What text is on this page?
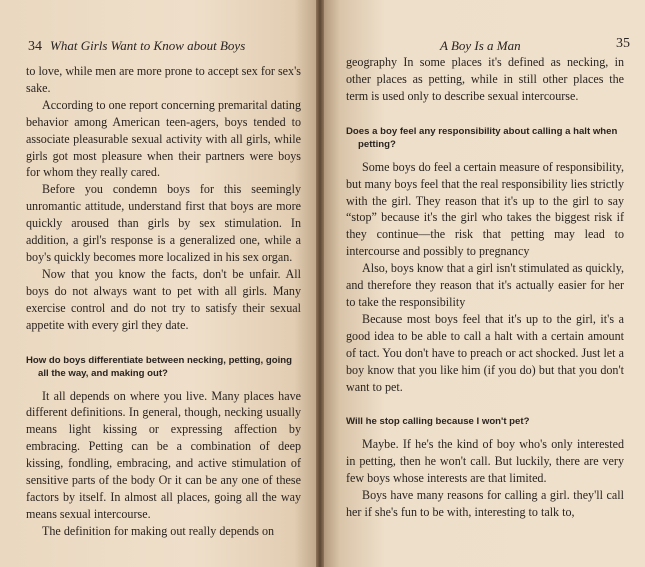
34 What Girls Want to Know about Boys

to love, while men are more prone to accept sex for sex's sake.

According to one report concerning premarital dating behavior among American teen-agers, boys tended to associate pleasurable sexual activity with all girls, while girls got most pleasure when their partners were boys for whom they really cared.

Before you condemn boys for this seemingly unromantic attitude, understand first that boys are more quickly aroused than girls by sex stimulation. In addition, a girl's response is a generalized one, while a boy's quickly becomes more localized in his sex organ.

Now that you know the facts, don't be unfair. All boys do not always want to pet with all girls. Many exercise control and do not try to satisfy their sexual appetite with every girl they date.

How do boys differentiate between necking, petting, going all the way, and making out?

It all depends on where you live. Many places have different definitions. In general, though, necking usually means light kissing or expressing affection by embracing. Petting can be a combination of deep kissing, fondling, embracing, and active stimulation of sensitive parts of the body Or it can be any one of these factors by itself. In almost all places, going all the way means sexual intercourse.

The definition for making out really depends on

A Boy Is a Man	35

geography In some places it's defined as necking, in other places as petting, while in still other places the term is used only to describe sexual intercourse.

Does a boy feel any responsibility about calling a halt when petting?

Some boys do feel a certain measure of responsibility, but many boys feel that the real responsibility lies strictly with the girl. They reason that it's up to the girl to say “stop” because it's the girl who takes the biggest risk if they continue—the risk that petting may lead to intercourse and possibly to pregnancy

Also, boys know that a girl isn't stimulated as quickly, and therefore they reason that it's actually easier for her to take the responsibility

Because most boys feel that it's up to the girl, it's a good idea to be able to call a halt with a certain amount of tact. You don't have to preach or act shocked. Just let a boy know that you like him (if you do) but that you don't want to pet.

Will he stop calling because I won't pet?

Maybe. If he's the kind of boy who's only interested in petting, then he won't call. But luckily, there are very few boys whose interests are that limited.

Boys have many reasons for calling a girl. they'll call her if she's fun to be with, interesting to talk to,
